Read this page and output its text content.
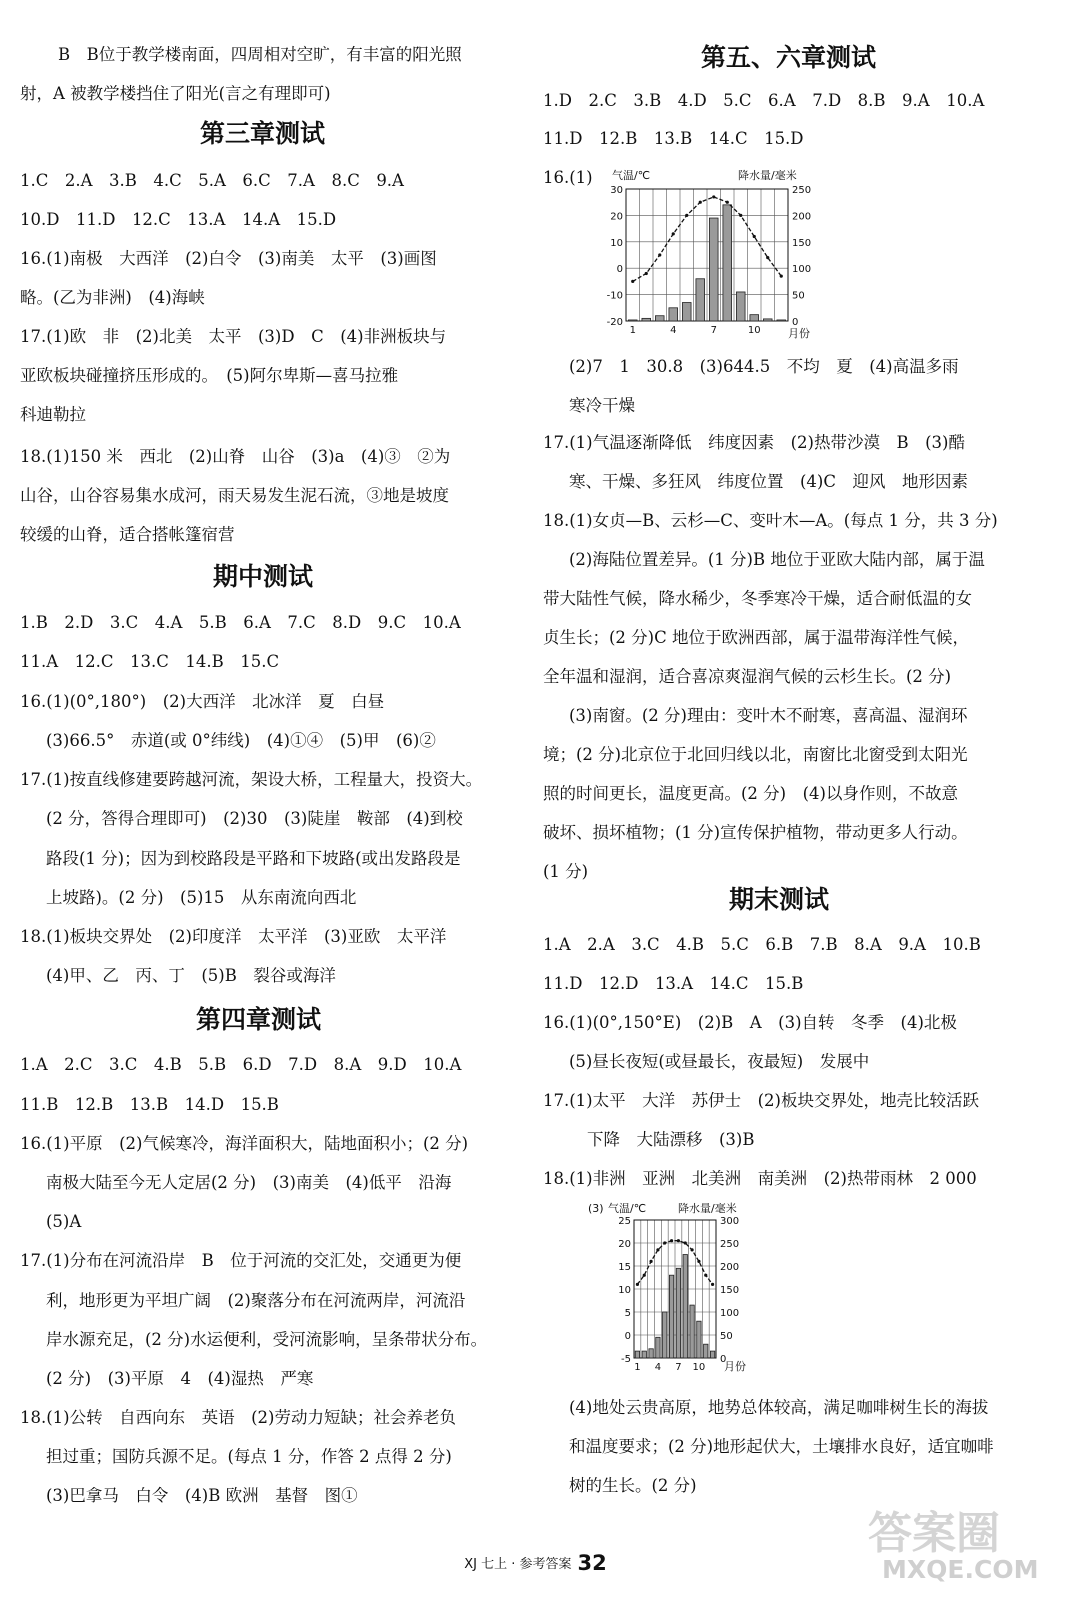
B　B位于教学楼南面，四周相对空旷，有丰富的阳光照
射，A 被教学楼挡住了阳光(言之有理即可)
第三章测试
1.C　2.A　3.B　4.C　5.A　6.C　7.A　8.C　9.A
10.D　11.D　12.C　13.A　14.A　15.D
16.(1)南极　大西洋　(2)白令　(3)南美　太平　(3)画图
略。(乙为非洲)　(4)海峡
17.(1)欧　非　(2)北美　太平　(3)D　C　(4)非洲板块与
亚欧板块碰撞挤压形成的。　(5)阿尔卑斯—喜马拉雅
科迪勒拉
18.(1)150 米　西北　(2)山脊　山谷　(3)a　(4)③　②为
山谷，山谷容易集水成河，雨天易发生泥石流，③地是坡度
较缓的山脊，适合搭帐篷宿营
期中测试
1.B　2.D　3.C　4.A　5.B　6.A　7.C　8.D　9.C　10.A
11.A　12.C　13.C　14.B　15.C
16.(1)(0°,180°)　(2)大西洋　北冰洋　夏　白昼
(3)66.5°　赤道(或 0°纬线)　(4)①④　(5)甲　(6)②
17.(1)按直线修建要跨越河流，架设大桥，工程量大，投资大。
(2 分，答得合理即可)　(2)30　(3)陡崖　鞍部　(4)到校
路段(1 分)；因为到校路段是平路和下坡路(或出发路段是
上坡路)。(2 分)　(5)15　从东南流向西北
18.(1)板块交界处　(2)印度洋　太平洋　(3)亚欧　太平洋
(4)甲、乙　丙、丁　(5)B　裂谷或海洋
第四章测试
1.A　2.C　3.C　4.B　5.B　6.D　7.D　8.A　9.D　10.A
11.B　12.B　13.B　14.D　15.B
16.(1)平原　(2)气候寒冷，海洋面积大，陆地面积小；(2 分)
南极大陆至今无人定居(2 分)　(3)南美　(4)低平　沿海
(5)A
17.(1)分布在河流沿岸　B　位于河流的交汇处，交通更为便
利，地形更为平坦广阔　(2)聚落分布在河流两岸，河流沿
岸水源充足，(2 分)水运便利，受河流影响，呈条带状分布。
(2 分)　(3)平原　4　(4)湿热　严寒
18.(1)公转　自西向东　英语　(2)劳动力短缺；社会养老负
担过重；国防兵源不足。(每点 1 分，作答 2 点得 2 分)
(3)巴拿马　白令　(4)B 欧洲　基督　图①
第五、六章测试
1.D　2.C　3.B　4.D　5.C　6.A　7.D　8.B　9.A　10.A
11.D　12.B　13.B　14.C　15.D
16.(1)
(2)7　1　30.8　(3)644.5　不均　夏　(4)高温多雨
寒冷干燥
17.(1)气温逐渐降低　纬度因素　(2)热带沙漠　B　(3)酷
寒、干燥、多狂风　纬度位置　(4)C　迎风　地形因素
18.(1)女贞—B、云杉—C、变叶木—A。(每点 1 分，共 3 分)
(2)海陆位置差异。(1 分)B 地位于亚欧大陆内部，属于温
带大陆性气候，降水稀少，冬季寒冷干燥，适合耐低温的女
贞生长；(2 分)C 地位于欧洲西部，属于温带海洋性气候，
全年温和湿润，适合喜凉爽湿润气候的云杉生长。(2 分)
(3)南窗。(2 分)理由：变叶木不耐寒，喜高温、湿润环
境；(2 分)北京位于北回归线以北，南窗比北窗受到太阳光
照的时间更长，温度更高。(2 分)　(4)以身作则，不故意
破坏、损坏植物；(1 分)宣传保护植物，带动更多人行动。
(1 分)
期末测试
1.A　2.A　3.C　4.B　5.C　6.B　7.B　8.A　9.A　10.B
11.D　12.D　13.A　14.C　15.B
16.(1)(0°,150°E)　(2)B　A　(3)自转　冬季　(4)北极
(5)昼长夜短(或昼最长，夜最短)　发展中
17.(1)太平　大洋　苏伊士　(2)板块交界处，地壳比较活跃
下降　大陆漂移　(3)B
18.(1)非洲　亚洲　北美洲　南美洲　(2)热带雨林　2 000
(4)地处云贵高原，地势总体较高，满足咖啡树生长的海拔
和温度要求；(2 分)地形起伏大，土壤排水良好，适宜咖啡
树的生长。(2 分)
气温/℃	降水量/毫米
月份
30
20
10
0
-10
-20
250
200
150
100
50
0
1	4	7	10
(3) 气温/℃	降水量/毫米
月份
25
20
15
10
5
0
-5
300
250
200
150
100
50
0
1 4 7 10
XJ 七上 · 参考答案 32
答案圈
MXQE.COM
